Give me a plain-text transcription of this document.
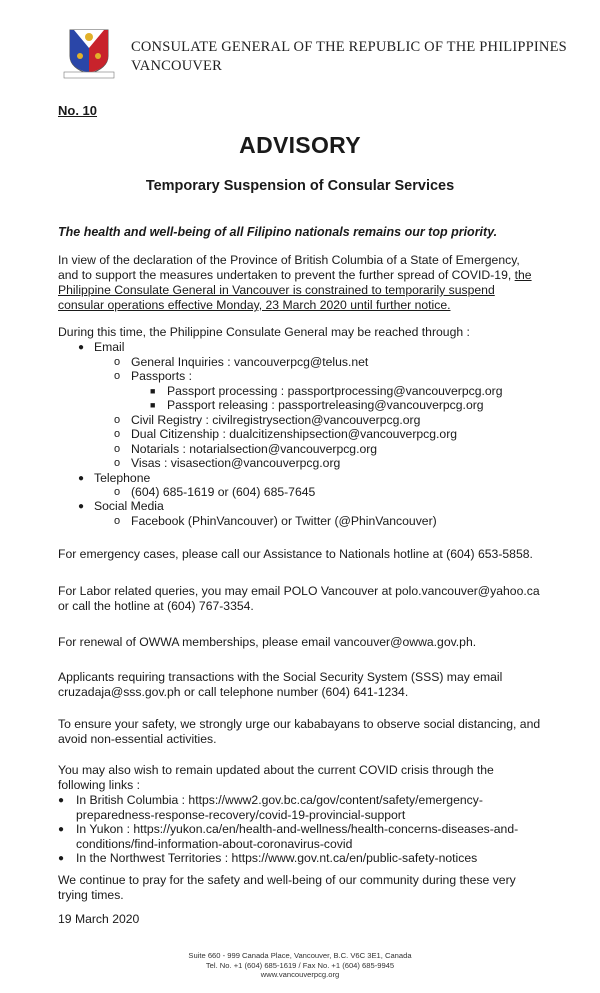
CONSULATE GENERAL OF THE REPUBLIC OF THE PHILIPPINES
VANCOUVER
No. 10
ADVISORY
Temporary Suspension of Consular Services
The health and well-being of all Filipino nationals remains our top priority.
In view of the declaration of the Province of British Columbia of a State of Emergency,
and to support the measures undertaken to prevent the further spread of COVID-19, the
Philippine Consulate General in Vancouver is constrained to temporarily suspend
consular operations effective Monday, 23 March 2020 until further notice.
During this time, the Philippine Consulate General may be reached through :
● Email
o General Inquiries : vancouverpcg@telus.net
o Passports :
■ Passport processing : passportprocessing@vancouverpcg.org
■ Passport releasing : passportreleasing@vancouverpcg.org
o Civil Registry : civilregistrysection@vancouverpcg.org
o Dual Citizenship : dualcitizenshipsection@vancouverpcg.org
o Notarials : notarialsection@vancouverpcg.org
o Visas : visasection@vancouverpcg.org
● Telephone
o (604) 685-1619 or (604) 685-7645
● Social Media
o Facebook (PhinVancouver) or Twitter (@PhinVancouver)
For emergency cases, please call our Assistance to Nationals hotline at (604) 653-5858.
For Labor related queries, you may email POLO Vancouver at polo.vancouver@yahoo.ca
or call the hotline at (604) 767-3354.
For renewal of OWWA memberships, please email vancouver@owwa.gov.ph.
Applicants requiring transactions with the Social Security System (SSS) may email
cruzadaja@sss.gov.ph or call telephone number (604) 641-1234.
To ensure your safety, we strongly urge our kababayans to observe social distancing, and
avoid non-essential activities.
You may also wish to remain updated about the current COVID crisis through the
following links :
● In British Columbia : https://www2.gov.bc.ca/gov/content/safety/emergency-
preparedness-response-recovery/covid-19-provincial-support
● In Yukon : https://yukon.ca/en/health-and-wellness/health-concerns-diseases-and-
conditions/find-information-about-coronavirus-covid
● In the Northwest Territories : https://www.gov.nt.ca/en/public-safety-notices
We continue to pray for the safety and well-being of our community during these very
trying times.
19 March 2020
Suite 660 - 999 Canada Place, Vancouver, B.C. V6C 3E1, Canada
Tel. No. +1 (604) 685-1619 / Fax No. +1 (604) 685-9945
www.vancouverpcg.org
